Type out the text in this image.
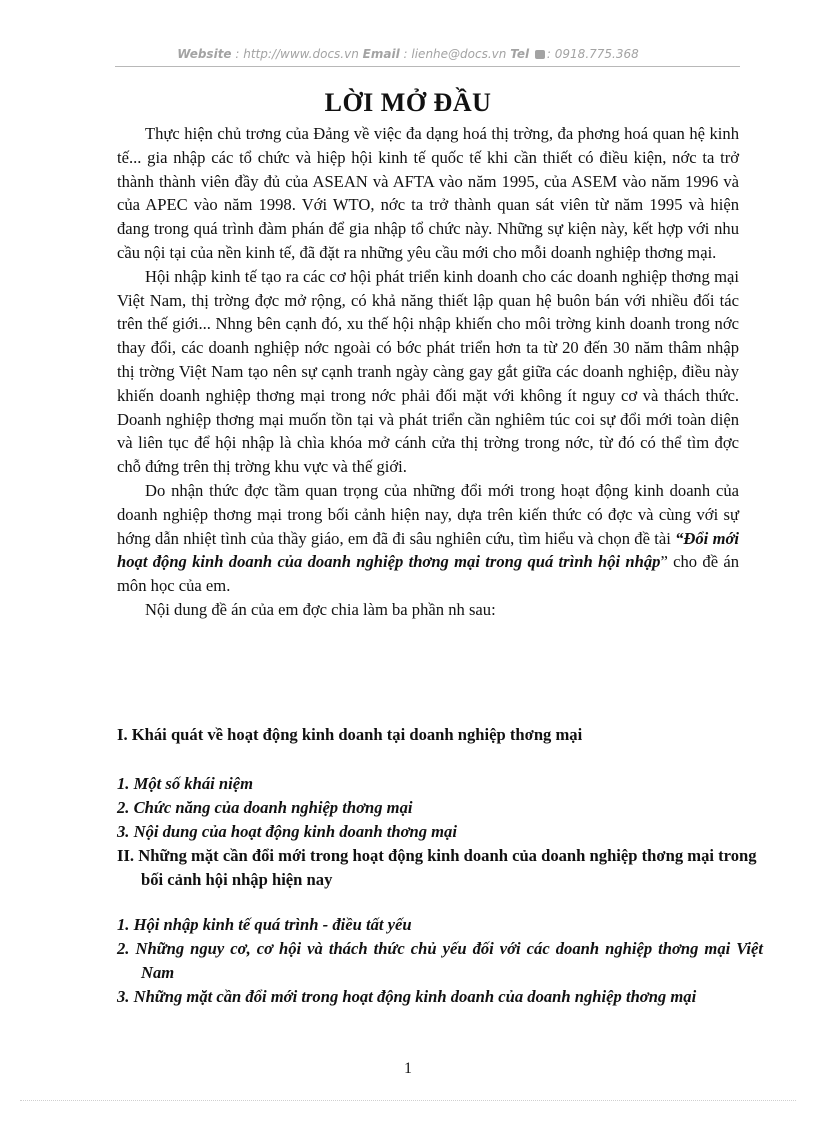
Website : http://www.docs.vn Email : lienhe@docs.vn Tel : 0918.775.368
LỜI MỞ ĐẦU

Thực hiện chủ trơng của Đảng về việc đa dạng hoá thị trờng, đa phơng hoá quan hệ kinh tế... gia nhập các tổ chức và hiệp hội kinh tế quốc tế khi cần thiết có điều kiện, nớc ta trở thành thành viên đầy đủ của ASEAN và AFTA vào năm 1995, của ASEM vào năm 1996 và của APEC vào năm 1998. Với WTO, nớc ta trở thành quan sát viên từ năm 1995 và hiện đang trong quá trình đàm phán để gia nhập tổ chức này. Những sự kiện này, kết hợp với nhu cầu nội tại của nền kinh tế, đã đặt ra những yêu cầu mới cho mỗi doanh nghiệp thơng mại.

Hội nhập kinh tế tạo ra các cơ hội phát triển kinh doanh cho các doanh nghiệp thơng mại Việt Nam, thị trờng đợc mở rộng, có khả năng thiết lập quan hệ buôn bán với nhiều đối tác trên thế giới... Nhng bên cạnh đó, xu thế hội nhập khiến cho môi trờng kinh doanh trong nớc thay đổi, các doanh nghiệp nớc ngoài có bớc phát triển hơn ta từ 20 đến 30 năm thâm nhập thị trờng Việt Nam tạo nên sự cạnh tranh ngày càng gay gắt giữa các doanh nghiệp, điều này khiến doanh nghiệp thơng mại trong nớc phải đối mặt với không ít nguy cơ và thách thức. Doanh nghiệp thơng mại muốn tồn tại và phát triển cần nghiêm túc coi sự đổi mới toàn diện và liên tục để hội nhập là chìa khóa mở cánh cửa thị trờng trong nớc, từ đó có thể tìm đợc chỗ đứng trên thị trờng khu vực và thế giới.

Do nhận thức đợc tầm quan trọng của những đổi mới trong hoạt động kinh doanh của doanh nghiệp thơng mại trong bối cảnh hiện nay, dựa trên kiến thức có đợc và cùng với sự hớng dẫn nhiệt tình của thầy giáo, em đã đi sâu nghiên cứu, tìm hiểu và chọn đề tài “Đổi mới hoạt động kinh doanh của doanh nghiệp thơng mại trong quá trình hội nhập” cho đề án môn học của em.

Nội dung đề án của em đợc chia làm ba phần nh sau:

I. Khái quát về hoạt động kinh doanh tại doanh nghiệp thơng mại
1. Một số khái niệm
2. Chức năng của doanh nghiệp thơng mại
3. Nội dung của hoạt động kinh doanh thơng mại
II. Những mặt cần đổi mới trong hoạt động kinh doanh của doanh nghiệp thơng mại trong bối cảnh hội nhập hiện nay
1. Hội nhập kinh tế quá trình - điều tất yếu
2. Những nguy cơ, cơ hội và thách thức chủ yếu đối với các doanh nghiệp thơng mại Việt Nam
3. Những mặt cần đổi mới trong hoạt động kinh doanh của doanh nghiệp thơng mại
1
